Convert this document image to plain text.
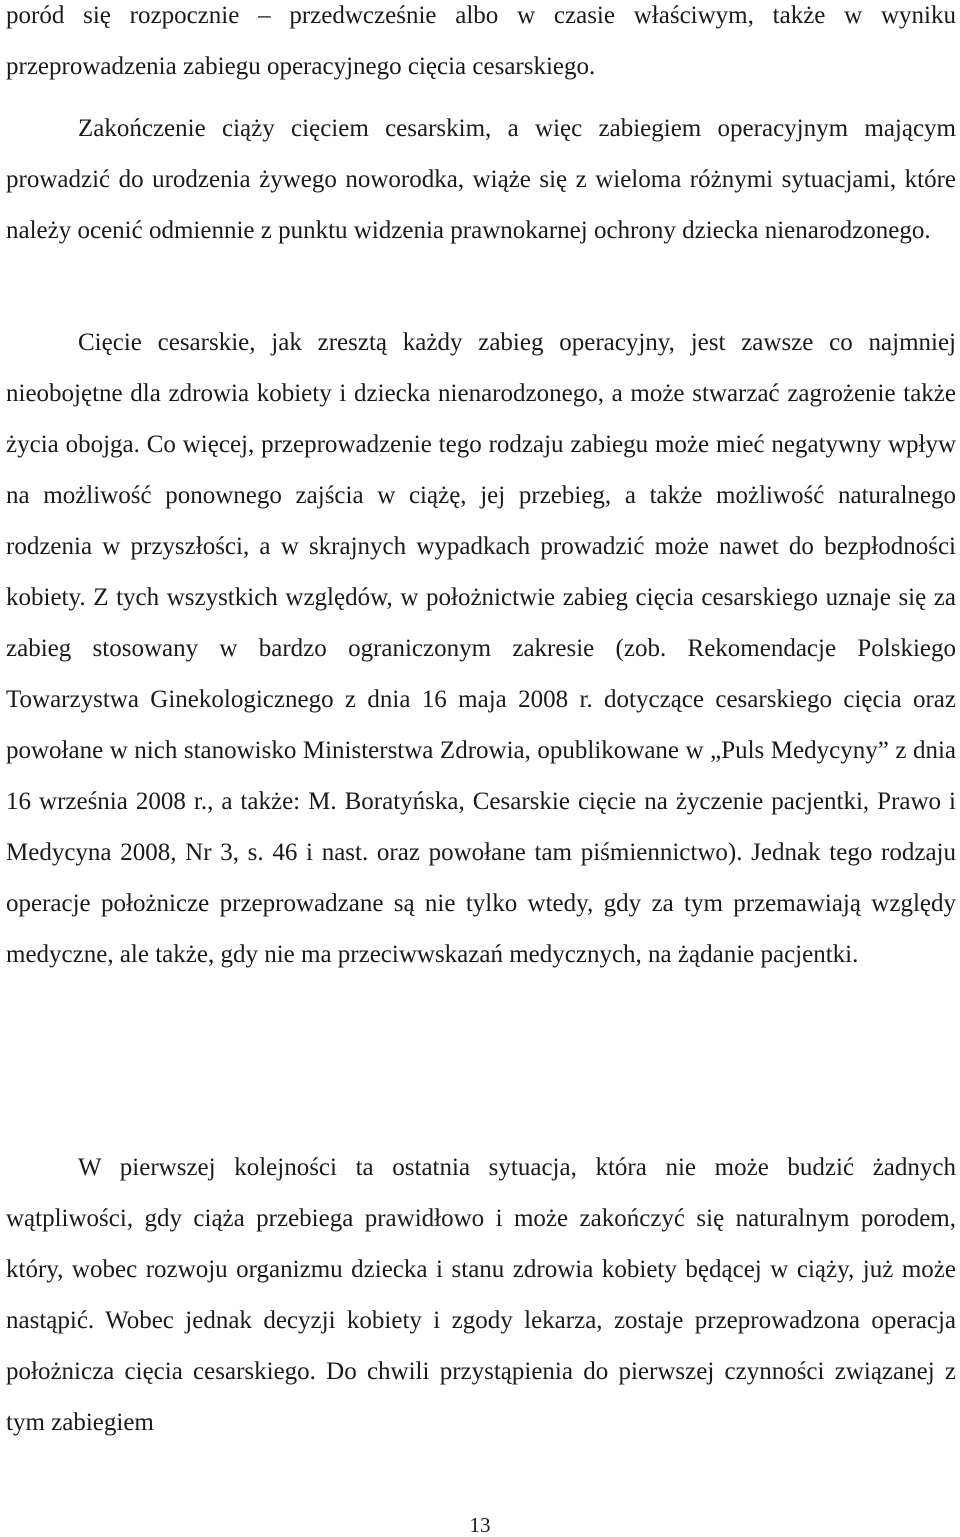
poród się rozpocznie – przedwcześnie albo w czasie właściwym, także w wyniku przeprowadzenia zabiegu operacyjnego cięcia cesarskiego.

Zakończenie ciąży cięciem cesarskim, a więc zabiegiem operacyjnym mającym prowadzić do urodzenia żywego noworodka, wiąże się z wieloma różnymi sytuacjami, które należy ocenić odmiennie z punktu widzenia prawnokarnej ochrony dziecka nienarodzonego.

Cięcie cesarskie, jak zresztą każdy zabieg operacyjny, jest zawsze co najmniej nieobojętne dla zdrowia kobiety i dziecka nienarodzonego, a może stwarzać zagrożenie także życia obojga. Co więcej, przeprowadzenie tego rodzaju zabiegu może mieć negatywny wpływ na możliwość ponownego zajścia w ciążę, jej przebieg, a także możliwość naturalnego rodzenia w przyszłości, a w skrajnych wypadkach prowadzić może nawet do bezpłodności kobiety. Z tych wszystkich względów, w położnictwie zabieg cięcia cesarskiego uznaje się za zabieg stosowany w bardzo ograniczonym zakresie (zob. Rekomendacje Polskiego Towarzystwa Ginekologicznego z dnia 16 maja 2008 r. dotyczące cesarskiego cięcia oraz powołane w nich stanowisko Ministerstwa Zdrowia, opublikowane w „Puls Medycyny” z dnia 16 września 2008 r., a także: M. Boratyńska, Cesarskie cięcie na życzenie pacjentki, Prawo i Medycyna 2008, Nr 3, s. 46 i nast. oraz powołane tam piśmiennictwo). Jednak tego rodzaju operacje położnicze przeprowadzane są nie tylko wtedy, gdy za tym przemawiają względy medyczne, ale także, gdy nie ma przeciwwskazań medycznych, na żądanie pacjentki.

W pierwszej kolejności ta ostatnia sytuacja, która nie może budzić żadnych wątpliwości, gdy ciąża przebiega prawidłowo i może zakończyć się naturalnym porodem, który, wobec rozwoju organizmu dziecka i stanu zdrowia kobiety będącej w ciąży, już może nastąpić. Wobec jednak decyzji kobiety i zgody lekarza, zostaje przeprowadzona operacja położnicza cięcia cesarskiego. Do chwili przystąpienia do pierwszej czynności związanej z tym zabiegiem

13
